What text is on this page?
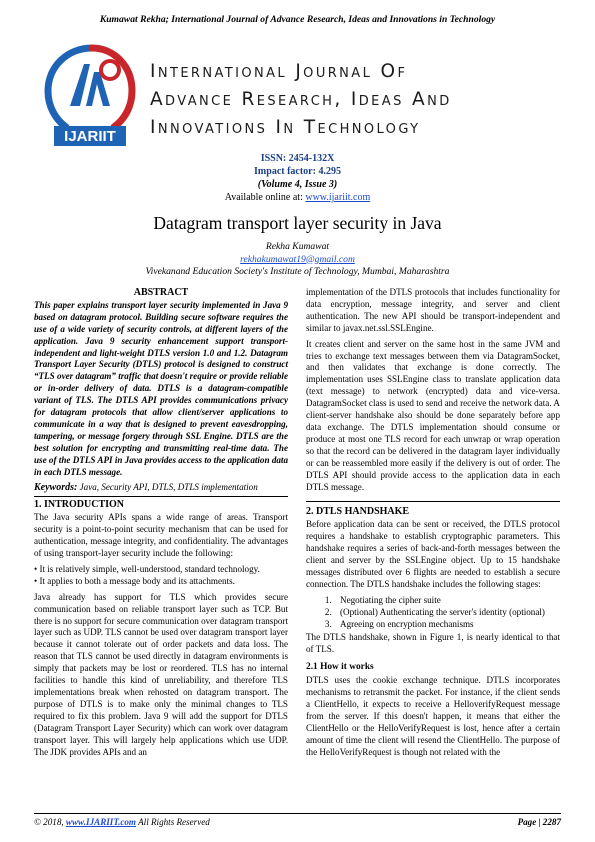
Kumawat Rekha; International Journal of Advance Research, Ideas and Innovations in Technology
IJARIIT
International Journal Of
Advance Research, Ideas And
Innovations In Technology
ISSN: 2454-132X
Impact factor: 4.295
(Volume 4, Issue 3)
Available online at: www.ijariit.com
Datagram transport layer security in Java
Rekha Kumawat
rekhakumawat19@gmail.com
Vivekanand Education Society's Institute of Technology, Mumbai, Maharashtra
ABSTRACT

This paper explains transport layer security implemented in Java 9 based on datagram protocol. Building secure software requires the use of a wide variety of security controls, at different layers of the application. Java 9 security enhancement support transport-independent and light-weight DTLS version 1.0 and 1.2. Datagram Transport Layer Security (DTLS) protocol is designed to construct “TLS over datagram” traffic that doesn't require or provide reliable or in-order delivery of data. DTLS is a datagram-compatible variant of TLS. The DTLS API provides communications privacy for datagram protocols that allow client/server applications to communicate in a way that is designed to prevent eavesdropping, tampering, or message forgery through SSL Engine. DTLS are the best solution for encrypting and transmitting real-time data. The use of the DTLS API in Java provides access to the application data in each DTLS message.

Keywords: Java, Security API, DTLS, DTLS implementation
1. INTRODUCTION

The Java security APIs spans a wide range of areas. Transport security is a point-to-point security mechanism that can be used for authentication, message integrity, and confidentiality. The advantages of using transport-layer security include the following:

• It is relatively simple, well-understood, standard technology.
• It applies to both a message body and its attachments.

Java already has support for TLS which provides secure communication based on reliable transport layer such as TCP. But there is no support for secure communication over datagram transport layer such as UDP. TLS cannot be used over datagram transport layer because it cannot tolerate out of order packets and data loss. The reason that TLS cannot be used directly in datagram environments is simply that packets may be lost or reordered. TLS has no internal facilities to handle this kind of unreliability, and therefore TLS implementations break when rehosted on datagram transport. The purpose of DTLS is to make only the minimal changes to TLS required to fix this problem. Java 9 will add the support for DTLS (Datagram Transport Layer Security) which can work over datagram transport layer. This will largely help applications which use UDP. The JDK provides APIs and an

implementation of the DTLS protocols that includes functionality for data encryption, message integrity, and server and client authentication. The new API should be transport-independent and similar to javax.net.ssl.SSLEngine.

It creates client and server on the same host in the same JVM and tries to exchange text messages between them via DatagramSocket, and then validates that exchange is done correctly. The implementation uses SSLEngine class to translate application data (text message) to network (encrypted) data and vice-versa. DatagramSocket class is used to send and receive the network data. A client-server handshake also should be done separately before app data exchange. The DTLS implementation should consume or produce at most one TLS record for each unwrap or wrap operation so that the record can be delivered in the datagram layer individually or can be reassembled more easily if the delivery is out of order. The DTLS API should provide access to the application data in each DTLS message.

2. DTLS HANDSHAKE

Before application data can be sent or received, the DTLS protocol requires a handshake to establish cryptographic parameters. This handshake requires a series of back-and-forth messages between the client and server by the SSLEngine object. Up to 15 handshake messages distributed over 6 flights are needed to establish a secure connection. The DTLS handshake includes the following stages:

1. Negotiating the cipher suite
2. (Optional) Authenticating the server's identity (optional)
3. Agreeing on encryption mechanisms

The DTLS handshake, shown in Figure 1, is nearly identical to that of TLS.

2.1 How it works

DTLS uses the cookie exchange technique. DTLS incorporates mechanisms to retransmit the packet. For instance, if the client sends a ClientHello, it expects to receive a HelloverifyRequest message from the server. If this doesn't happen, it means that either the ClientHello or the HelloVerifyRequest is lost, hence after a certain amount of time the client will resend the ClientHello. The purpose of the HelloVerifyRequest is though not related with the

© 2018, www.IJARIIT.com All Rights Reserved	Page | 2287
